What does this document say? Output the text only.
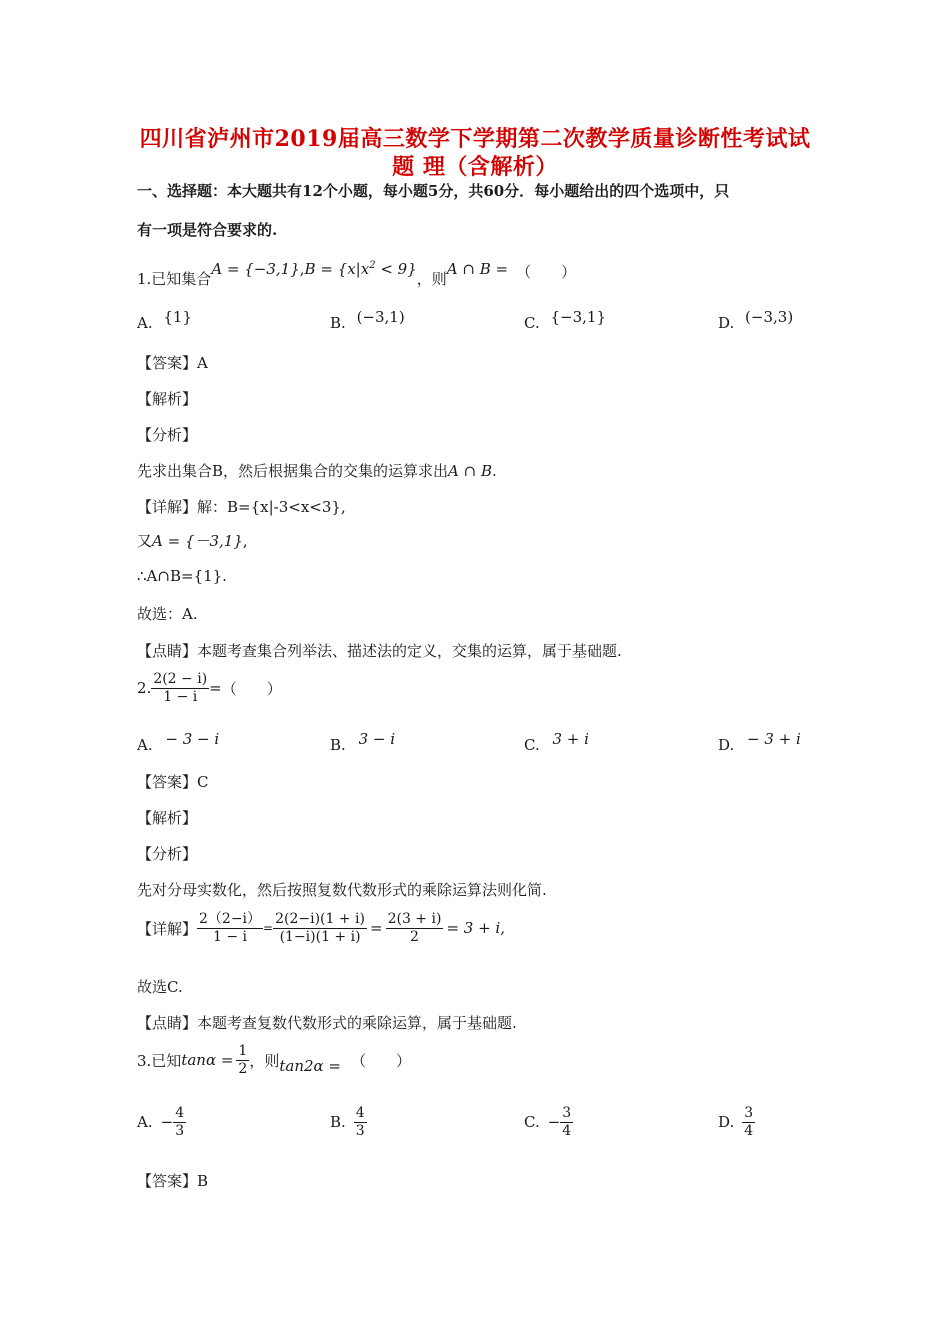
四川省泸州市2019届高三数学下学期第二次教学质量诊断性考试试
题 理（含解析）
一、选择题：本大题共有12个小题，每小题5分，共60分．每小题给出的四个选项中，只
有一项是符合要求的.
1.已知集合
A = {−3,1} , $B = \{x|x^2 < 9\}$
，则
A ∩ B = （　　）
A. {1}	B. (−3,1)	C. {−3,1}	D. (−3,3)
【答案】A
【解析】
【分析】
先求出集合B，然后根据集合的交集的运算求出A ∩ B.
【详解】解：B={x|-3<x<3},
又A = {－3,1},
∴A∩B={1}.
故选：A.
【点睛】本题考查集合列举法、描述法的定义，交集的运算，属于基础题.
2. $\frac{2(2 - i)}{1 - i}$ = （　　）
A. − 3 − i	B. 3 − i	C. 3 + i	D. − 3 + i
【答案】C
【解析】
【分析】
先对分母实数化，然后按照复数代数形式的乘除运算法则化简.
【详解】 $\frac{2(2-i)}{1 - i} = \frac{2(2-i)(1 + i)}{(1-i)(1 + i)} = \frac{2(3 + i)}{2} = 3 + i$,
故选C.
【点睛】本题考查复数代数形式的乘除运算，属于基础题.
3.已知 $\tan\alpha = \frac{1}{2}$ ，则 tan2α = （　　）
A. − $\frac{4}{3}$	B. $\frac{4}{3}$	C. − $\frac{3}{4}$	D. $\frac{3}{4}$
【答案】B
